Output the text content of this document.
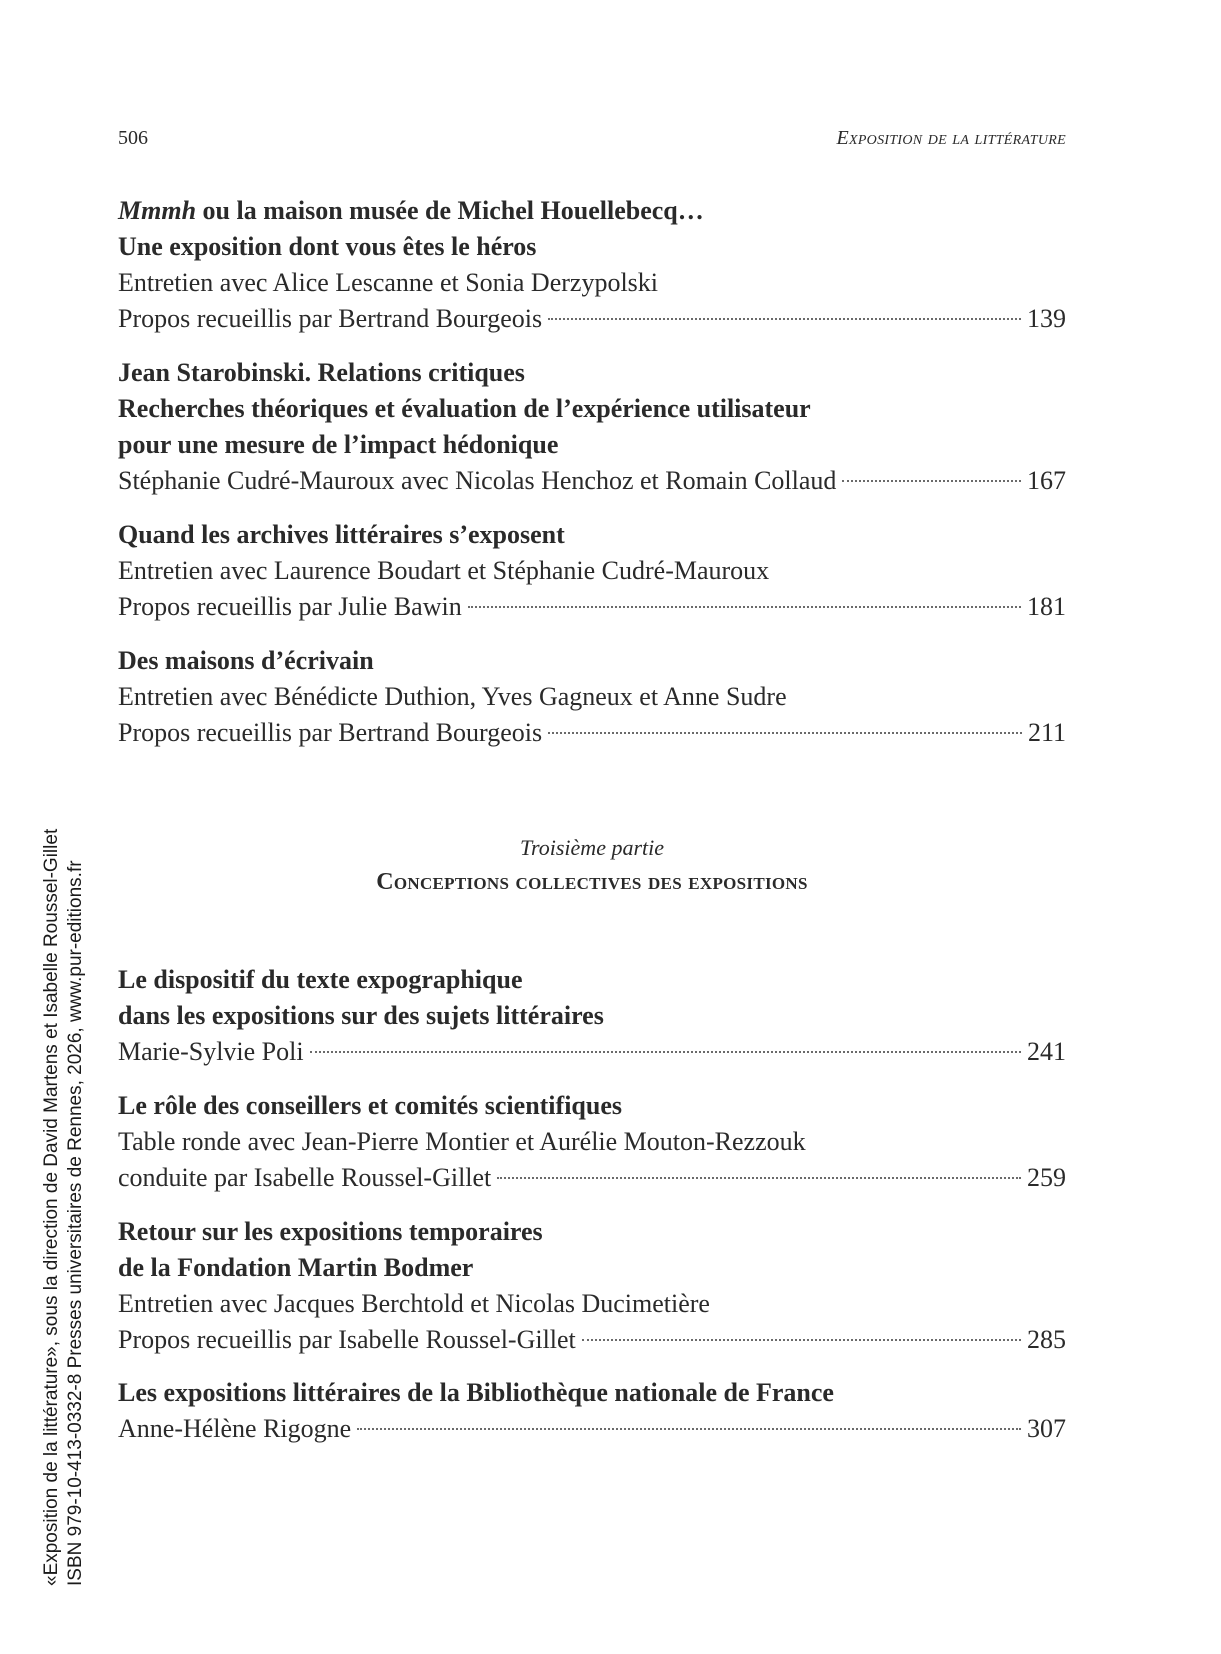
506	Exposition de la littérature
Mmmh ou la maison musée de Michel Houellebecq…
Une exposition dont vous êtes le héros
Entretien avec Alice Lescanne et Sonia Derzypolski
Propos recueillis par Bertrand Bourgeois	139
Jean Starobinski. Relations critiques
Recherches théoriques et évaluation de l’expérience utilisateur
pour une mesure de l’impact hédonique
Stéphanie Cudré-Mauroux avec Nicolas Henchoz et Romain Collaud	167
Quand les archives littéraires s’exposent
Entretien avec Laurence Boudart et Stéphanie Cudré-Mauroux
Propos recueillis par Julie Bawin	181
Des maisons d’écrivain
Entretien avec Bénédicte Duthion, Yves Gagneux et Anne Sudre
Propos recueillis par Bertrand Bourgeois	211
Troisième partie
Conceptions collectives des expositions
Le dispositif du texte expographique
dans les expositions sur des sujets littéraires
Marie-Sylvie Poli	241
Le rôle des conseillers et comités scientifiques
Table ronde avec Jean-Pierre Montier et Aurélie Mouton-Rezzouk
conduite par Isabelle Roussel-Gillet	259
Retour sur les expositions temporaires
de la Fondation Martin Bodmer
Entretien avec Jacques Berchtold et Nicolas Ducimetière
Propos recueillis par Isabelle Roussel-Gillet	285
Les expositions littéraires de la Bibliothèque nationale de France
Anne-Hélène Rigogne	307
«Exposition de la littérature», sous la direction de David Martens et Isabelle Roussel-Gillet ISBN 979-10-413-0332-8 Presses universitaires de Rennes, 2026, www.pur-editions.fr
